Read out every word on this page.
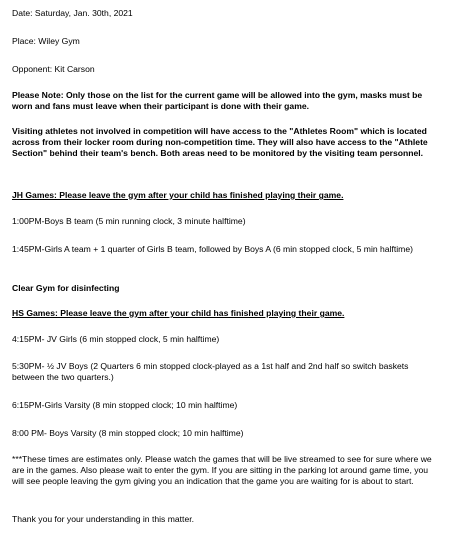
Date: Saturday, Jan. 30th, 2021

Place: Wiley Gym

Opponent: Kit Carson

Please Note: Only those on the list for the current game will be allowed into the gym, masks must be worn and fans must leave when their participant is done with their game.

Visiting athletes not involved in competition will have access to the "Athletes Room" which is located across from their locker room during non-competition time. They will also have access to the "Athlete Section" behind their team's bench. Both areas need to be monitored by the visiting team personnel.

JH Games: Please leave the gym after your child has finished playing their game.

1:00PM-Boys B team (5 min running clock, 3 minute halftime)

1:45PM-Girls A team + 1 quarter of Girls B team, followed by Boys A (6 min stopped clock, 5 min halftime)

Clear Gym for disinfecting

HS Games: Please leave the gym after your child has finished playing their game.

4:15PM- JV Girls (6 min stopped clock, 5 min halftime)

5:30PM- ½ JV Boys (2 Quarters 6 min stopped clock-played as a 1st half and 2nd half so switch baskets between the two quarters.)

6:15PM-Girls Varsity (8 min stopped clock; 10 min halftime)

8:00 PM- Boys Varsity (8 min stopped clock; 10 min halftime)

***These times are estimates only. Please watch the games that will be live streamed to see for sure where we are in the games. Also please wait to enter the gym. If you are sitting in the parking lot around game time, you will see people leaving the gym giving you an indication that the game you are waiting for is about to start.

Thank you for your understanding in this matter.
